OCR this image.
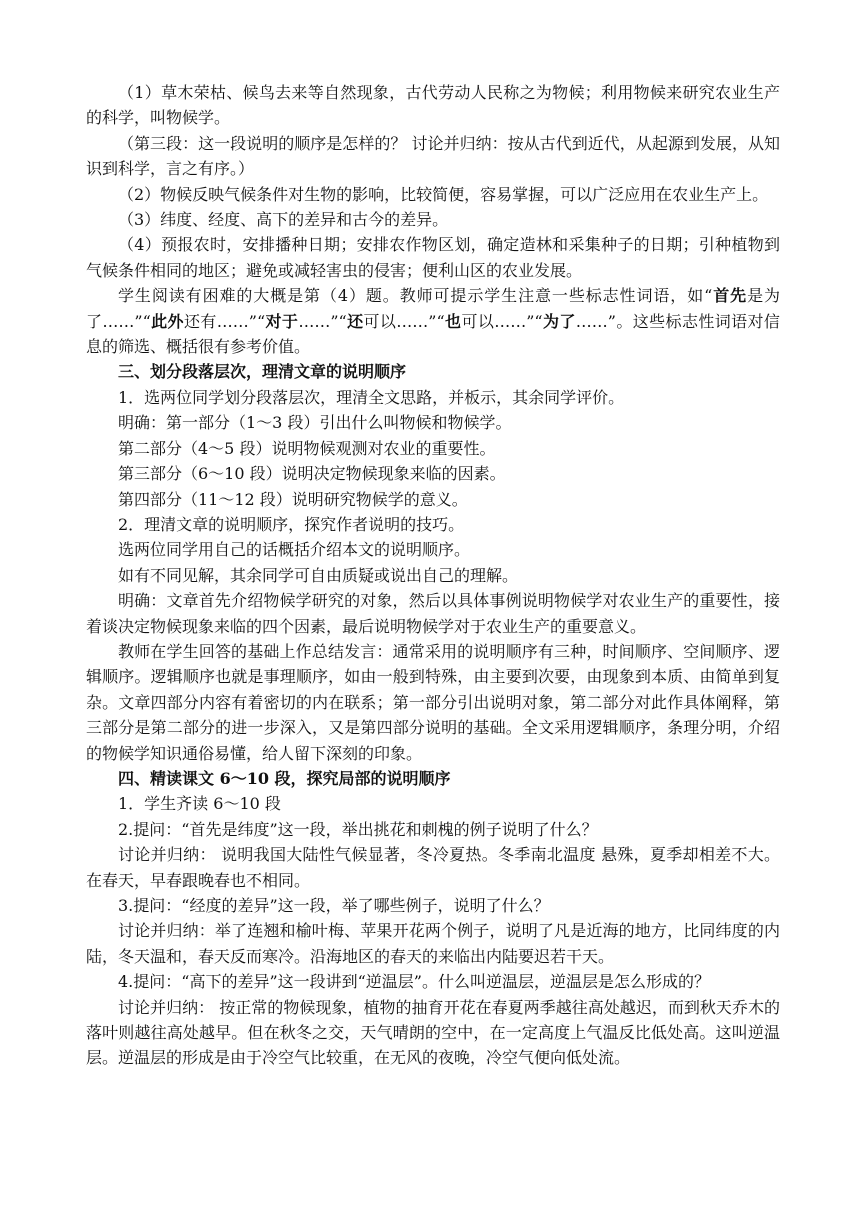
（1）草木荣枯、候鸟去来等自然现象，古代劳动人民称之为物候；利用物候来研究农业生产的科学，叫物候学。

（第三段：这一段说明的顺序是怎样的？ 讨论并归纳：按从古代到近代，从起源到发展，从知识到科学，言之有序。）

（2）物候反映气候条件对生物的影响，比较简便，容易掌握，可以广泛应用在农业生产上。

（3）纬度、经度、高下的差异和古今的差异。

（4）预报农时，安排播种日期；安排农作物区划，确定造林和采集种子的日期；引种植物到气候条件相同的地区；避免或减轻害虫的侵害；便利山区的农业发展。

学生阅读有困难的大概是第（4）题。教师可提示学生注意一些标志性词语，如“首先是为了……”“此外还有……”“对于……”“还可以……”“也可以……”“为了……”。这些标志性词语对信息的筛选、概括很有参考价值。

三、划分段落层次，理清文章的说明顺序

1．选两位同学划分段落层次，理清全文思路，并板示，其余同学评价。

明确：第一部分（1～3 段）引出什么叫物候和物候学。

第二部分（4～5 段）说明物候观测对农业的重要性。

第三部分（6～10 段）说明决定物候现象来临的因素。

第四部分（11～12 段）说明研究物候学的意义。

2．理清文章的说明顺序，探究作者说明的技巧。

选两位同学用自己的话概括介绍本文的说明顺序。

如有不同见解，其余同学可自由质疑或说出自己的理解。

明确：文章首先介绍物候学研究的对象，然后以具体事例说明物候学对农业生产的重要性，接着谈决定物候现象来临的四个因素，最后说明物候学对于农业生产的重要意义。

教师在学生回答的基础上作总结发言：通常采用的说明顺序有三种，时间顺序、空间顺序、逻辑顺序。逻辑顺序也就是事理顺序，如由一般到特殊，由主要到次要，由现象到本质、由简单到复杂。文章四部分内容有着密切的内在联系；第一部分引出说明对象，第二部分对此作具体阐释，第三部分是第二部分的进一步深入，又是第四部分说明的基础。全文采用逻辑顺序，条理分明，介绍的物候学知识通俗易懂，给人留下深刻的印象。

四、精读课文 6～10 段，探究局部的说明顺序

1．学生齐读 6～10 段

2.提问：“首先是纬度”这一段，举出挑花和刺槐的例子说明了什么？

讨论并归纳： 说明我国大陆性气候显著，冬冷夏热。冬季南北温度 悬殊，夏季却相差不大。在春天，早春跟晚春也不相同。

3.提问：“经度的差异”这一段，举了哪些例子，说明了什么？

讨论并归纳：举了连翘和榆叶梅、苹果开花两个例子，说明了凡是近海的地方，比同纬度的内陆，冬天温和，春天反而寒冷。沿海地区的春天的来临出内陆要迟若干天。

4.提问：“高下的差异”这一段讲到“逆温层”。什么叫逆温层，逆温层是怎么形成的？

讨论并归纳： 按正常的物候现象，植物的抽育开花在春夏两季越往高处越迟，而到秋天乔木的落叶则越往高处越早。但在秋冬之交，天气晴朗的空中，在一定高度上气温反比低处高。这叫逆温层。逆温层的形成是由于冷空气比较重，在无风的夜晚，冷空气便向低处流。
